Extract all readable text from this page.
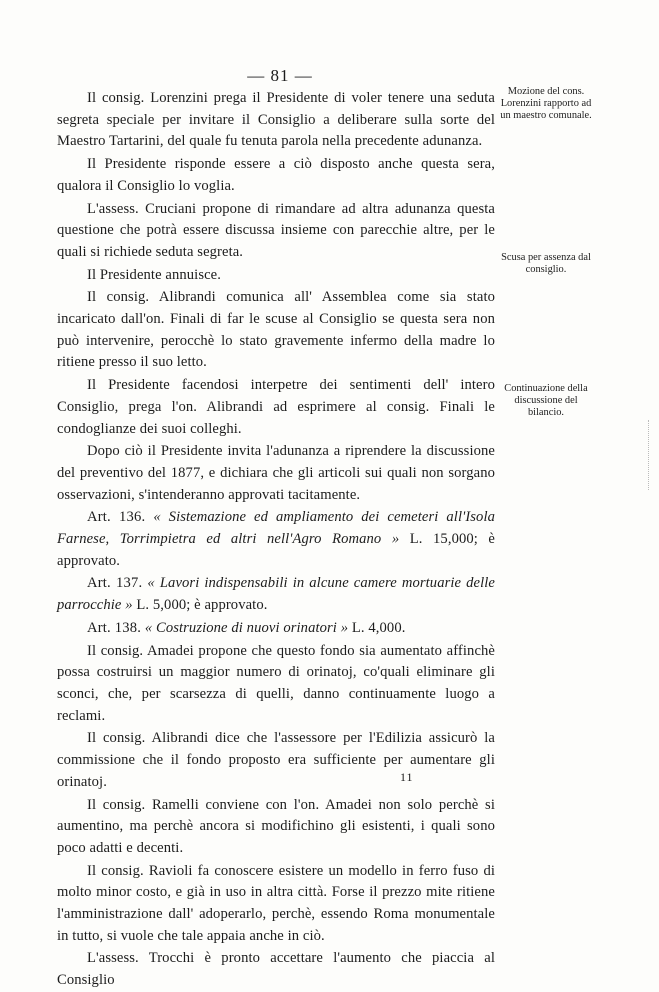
— 81 —

Il consig. Lorenzini prega il Presidente di voler tenere una seduta segreta speciale per invitare il Consiglio a deliberare sulla sorte del Maestro Tartarini, del quale fu tenuta parola nella precedente adunanza.

Il Presidente risponde essere a ciò disposto anche questa sera, qualora il Consiglio lo voglia.

L'assess. Cruciani propone di rimandare ad altra adunanza questa questione che potrà essere discussa insieme con parecchie altre, per le quali si richiede seduta segreta.

Il Presidente annuisce.

Il consig. Alibrandi comunica all' Assemblea come sia stato incaricato dall'on. Finali di far le scuse al Consiglio se questa sera non può intervenire, perocchè lo stato gravemente infermo della madre lo ritiene presso il suo letto.

Il Presidente facendosi interpetre dei sentimenti dell' intero Consiglio, prega l'on. Alibrandi ad esprimere al consig. Finali le condoglianze dei suoi colleghi.

Dopo ciò il Presidente invita l'adunanza a riprendere la discussione del preventivo del 1877, e dichiara che gli articoli sui quali non sorgano osservazioni, s'intenderanno approvati tacitamente.

Art. 136. « Sistemazione ed ampliamento dei cemeteri all'Isola Farnese, Torrimpietra ed altri nell'Agro Romano » L. 15,000; è approvato.

Art. 137. « Lavori indispensabili in alcune camere mortuarie delle parrocchie » L. 5,000; è approvato.

Art. 138. « Costruzione di nuovi orinatori » L. 4,000.

Il consig. Amadei propone che questo fondo sia aumentato affinchè possa costruirsi un maggior numero di orinatoj, co'quali eliminare gli sconci, che, per scarsezza di quelli, danno continuamente luogo a reclami.

Il consig. Alibrandi dice che l'assessore per l'Edilizia assicurò la commissione che il fondo proposto era sufficiente per aumentare gli orinatoj.

Il consig. Ramelli conviene con l'on. Amadei non solo perchè si aumentino, ma perchè ancora si modifichino gli esistenti, i quali sono poco adatti e decenti.

Il consig. Ravioli fa conoscere esistere un modello in ferro fuso di molto minor costo, e già in uso in altra città. Forse il prezzo mite ritiene l'amministrazione dall' adoperarlo, perchè, essendo Roma monumentale in tutto, si vuole che tale appaia anche in ciò.

L'assess. Trocchi è pronto accettare l'aumento che piaccia al Consiglio

Mozione del cons. Lorenzini rapporto ad un maestro comunale.
Scusa per assenza dal consiglio.
Continuazione della discussione del bilancio.
11
